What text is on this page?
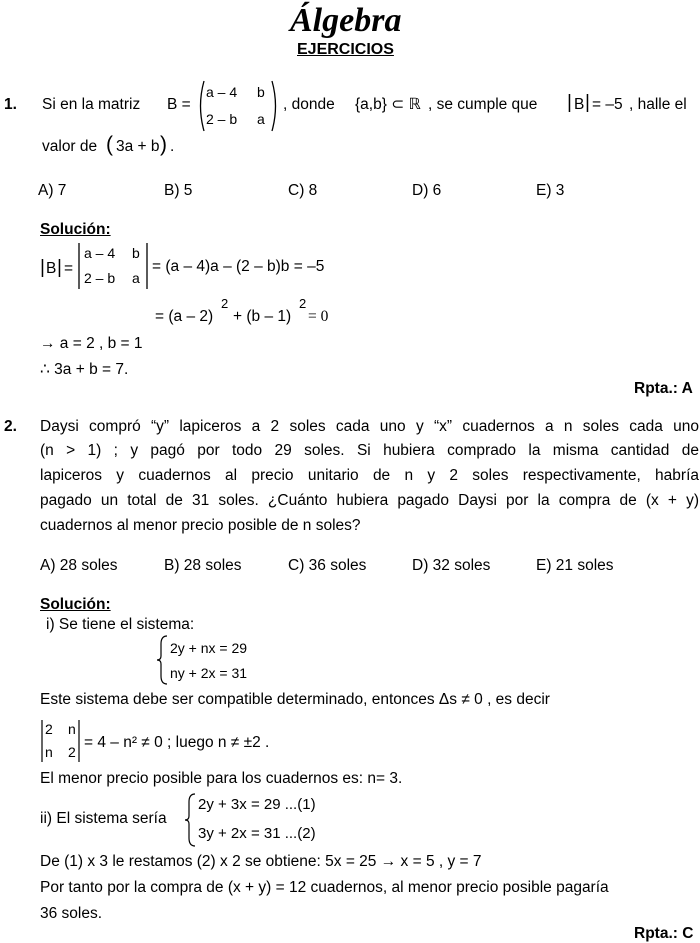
Álgebra
EJERCICIOS
1. Si en la matriz B =
a – 4 b
2 – b a
, donde {a,b} ⊂ ℝ , se cumple que | B | = –5 , halle el
valor de ( 3a + b ) .
A) 7	B) 5	C) 8	D) 6	E) 3
Solución:
| B | =
a – 4 b
2 – b a
= (a – 4)a – (2 – b)b = –5
= (a – 2)
2
+ (b – 1)
2
= 0
→ a = 2 , b = 1
∴ 3a + b = 7.
Rpta.: A
2. Daysi compró “y” lapiceros a 2 soles cada uno y “x” cuadernos a n soles cada uno
(n > 1) ; y pagó por todo 29 soles. Si hubiera comprado la misma cantidad de
lapiceros y cuadernos al precio unitario de n y 2 soles respectivamente, habría
pagado un total de 31 soles. ¿Cuánto hubiera pagado Daysi por la compra de (x + y)
cuadernos al menor precio posible de n soles?
A) 28 soles	B) 28 soles	C) 36 soles	D) 32 soles	E) 21 soles
Solución:
i) Se tiene el sistema:
2y + nx = 29
ny + 2x = 31
Este sistema debe ser compatible determinado, entonces Δs ≠ 0 , es decir
2 n
n 2
= 4 – n² ≠ 0 ; luego n ≠ ±2 .
El menor precio posible para los cuadernos es: n= 3.
ii) El sistema sería
2y + 3x = 29 ...(1)
3y + 2x = 31 ...(2)
De (1) x 3 le restamos (2) x 2 se obtiene: 5x = 25 → x = 5 , y = 7
Por tanto por la compra de (x + y) = 12 cuadernos, al menor precio posible pagaría
36 soles.
Rpta.: C
